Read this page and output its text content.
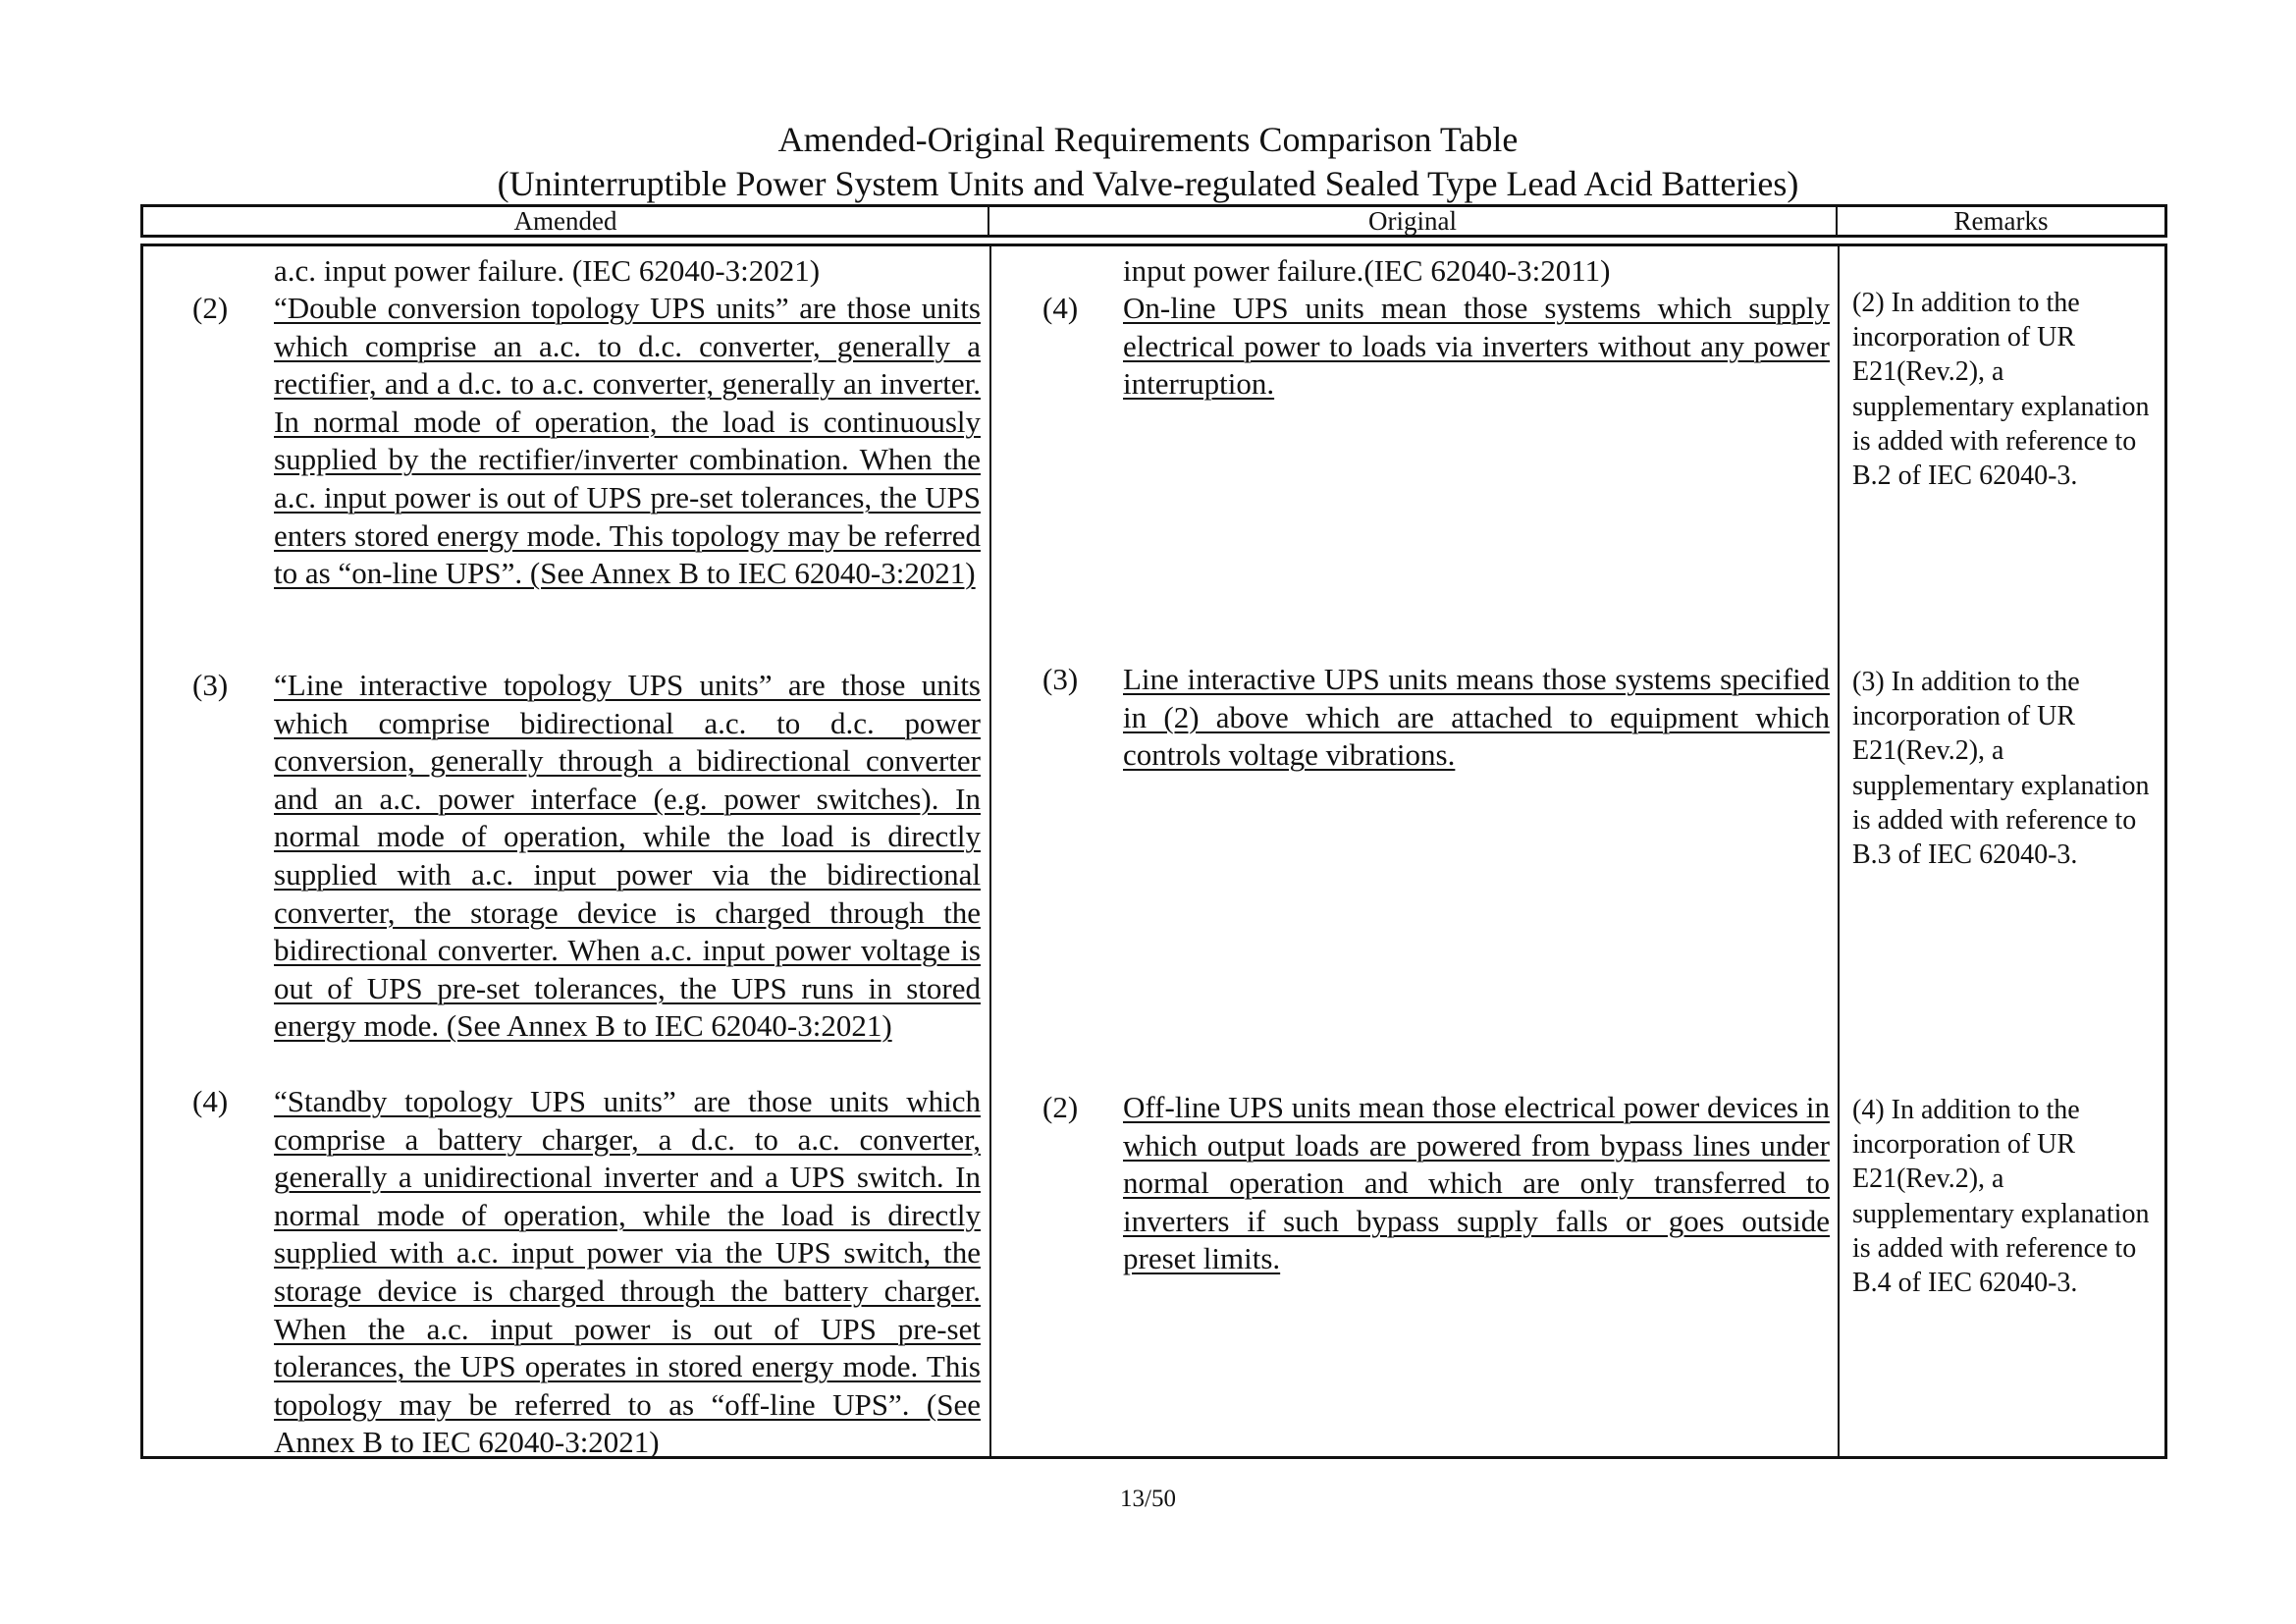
Amended-Original Requirements Comparison Table
(Uninterruptible Power System Units and Valve-regulated Sealed Type Lead Acid Batteries)
Amended	Original	Remarks
a.c. input power failure. (IEC 62040-3:2021)
(2) “Double conversion topology UPS units” are those units which comprise an a.c. to d.c. converter, generally a rectifier, and a d.c. to a.c. converter, generally an inverter. In normal mode of operation, the load is continuously supplied by the rectifier/inverter combination. When the a.c. input power is out of UPS pre-set tolerances, the UPS enters stored energy mode. This topology may be referred to as “on-line UPS”. (See Annex B to IEC 62040-3:2021)
(3) “Line interactive topology UPS units” are those units which comprise bidirectional a.c. to d.c. power conversion, generally through a bidirectional converter and an a.c. power interface (e.g. power switches). In normal mode of operation, while the load is directly supplied with a.c. input power via the bidirectional converter, the storage device is charged through the bidirectional converter. When a.c. input power voltage is out of UPS pre-set tolerances, the UPS runs in stored energy mode. (See Annex B to IEC 62040-3:2021)
(4) “Standby topology UPS units” are those units which comprise a battery charger, a d.c. to a.c. converter, generally a unidirectional inverter and a UPS switch. In normal mode of operation, while the load is directly supplied with a.c. input power via the UPS switch, the storage device is charged through the battery charger. When the a.c. input power is out of UPS pre-set tolerances, the UPS operates in stored energy mode. This topology may be referred to as “off-line UPS”. (See Annex B to IEC 62040-3:2021)
input power failure.(IEC 62040-3:2011)
(4) On-line UPS units mean those systems which supply electrical power to loads via inverters without any power interruption.
(3) Line interactive UPS units means those systems specified in (2) above which are attached to equipment which controls voltage vibrations.
(2) Off-line UPS units mean those electrical power devices in which output loads are powered from bypass lines under normal operation and which are only transferred to inverters if such bypass supply falls or goes outside preset limits.
(2) In addition to the incorporation of UR E21(Rev.2), a supplementary explanation is added with reference to B.2 of IEC 62040-3.
(3) In addition to the incorporation of UR E21(Rev.2), a supplementary explanation is added with reference to B.3 of IEC 62040-3.
(4) In addition to the incorporation of UR E21(Rev.2), a supplementary explanation is added with reference to B.4 of IEC 62040-3.
13/50
